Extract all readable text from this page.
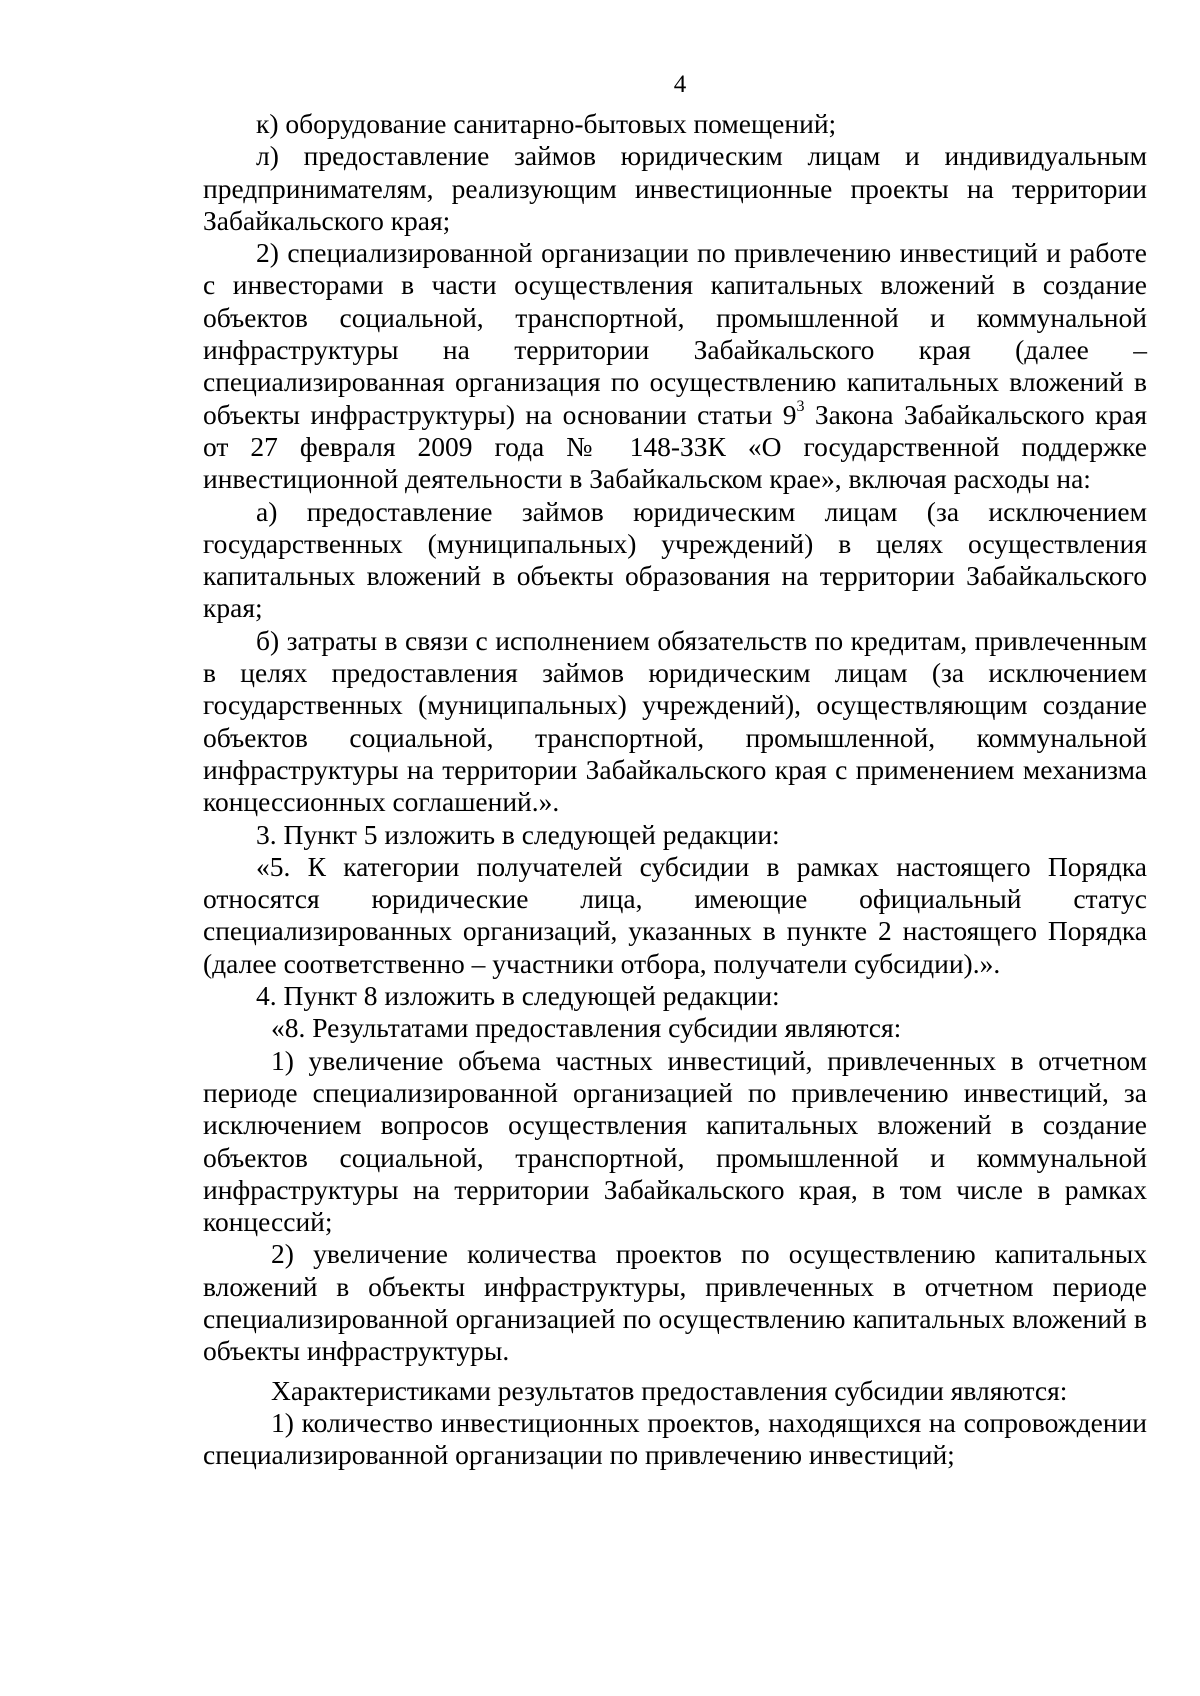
4

к) оборудование санитарно-бытовых помещений;

л) предоставление займов юридическим лицам и индивидуальным предпринимателям, реализующим инвестиционные проекты на территории Забайкальского края;

2) специализированной организации по привлечению инвестиций и работе с инвесторами в части осуществления капитальных вложений в создание объектов социальной, транспортной, промышленной и коммунальной инфраструктуры на территории Забайкальского края (далее – специализированная организация по осуществлению капитальных вложений в объекты инфраструктуры) на основании статьи $9^3$ Закона Забайкальского края от 27 февраля 2009 года № 148-ЗЗК «О государственной поддержке инвестиционной деятельности в Забайкальском крае», включая расходы на:

а) предоставление займов юридическим лицам (за исключением государственных (муниципальных) учреждений) в целях осуществления капитальных вложений в объекты образования на территории Забайкальского края;

б) затраты в связи с исполнением обязательств по кредитам, привлеченным в целях предоставления займов юридическим лицам (за исключением государственных (муниципальных) учреждений), осуществляющим создание объектов социальной, транспортной, промышленной, коммунальной инфраструктуры на территории Забайкальского края с применением механизма концессионных соглашений.».

3. Пункт 5 изложить в следующей редакции:

«5. К категории получателей субсидии в рамках настоящего Порядка относятся юридические лица, имеющие официальный статус специализированных организаций, указанных в пункте 2 настоящего Порядка (далее соответственно – участники отбора, получатели субсидии).».

4. Пункт 8 изложить в следующей редакции:

«8. Результатами предоставления субсидии являются:

1) увеличение объема частных инвестиций, привлеченных в отчетном периоде специализированной организацией по привлечению инвестиций, за исключением вопросов осуществления капитальных вложений в создание объектов социальной, транспортной, промышленной и коммунальной инфраструктуры на территории Забайкальского края, в том числе в рамках концессий;

2) увеличение количества проектов по осуществлению капитальных вложений в объекты инфраструктуры, привлеченных в отчетном периоде специализированной организацией по осуществлению капитальных вложений в объекты инфраструктуры.

Характеристиками результатов предоставления субсидии являются:

1) количество инвестиционных проектов, находящихся на сопровождении специализированной организации по привлечению инвестиций;
